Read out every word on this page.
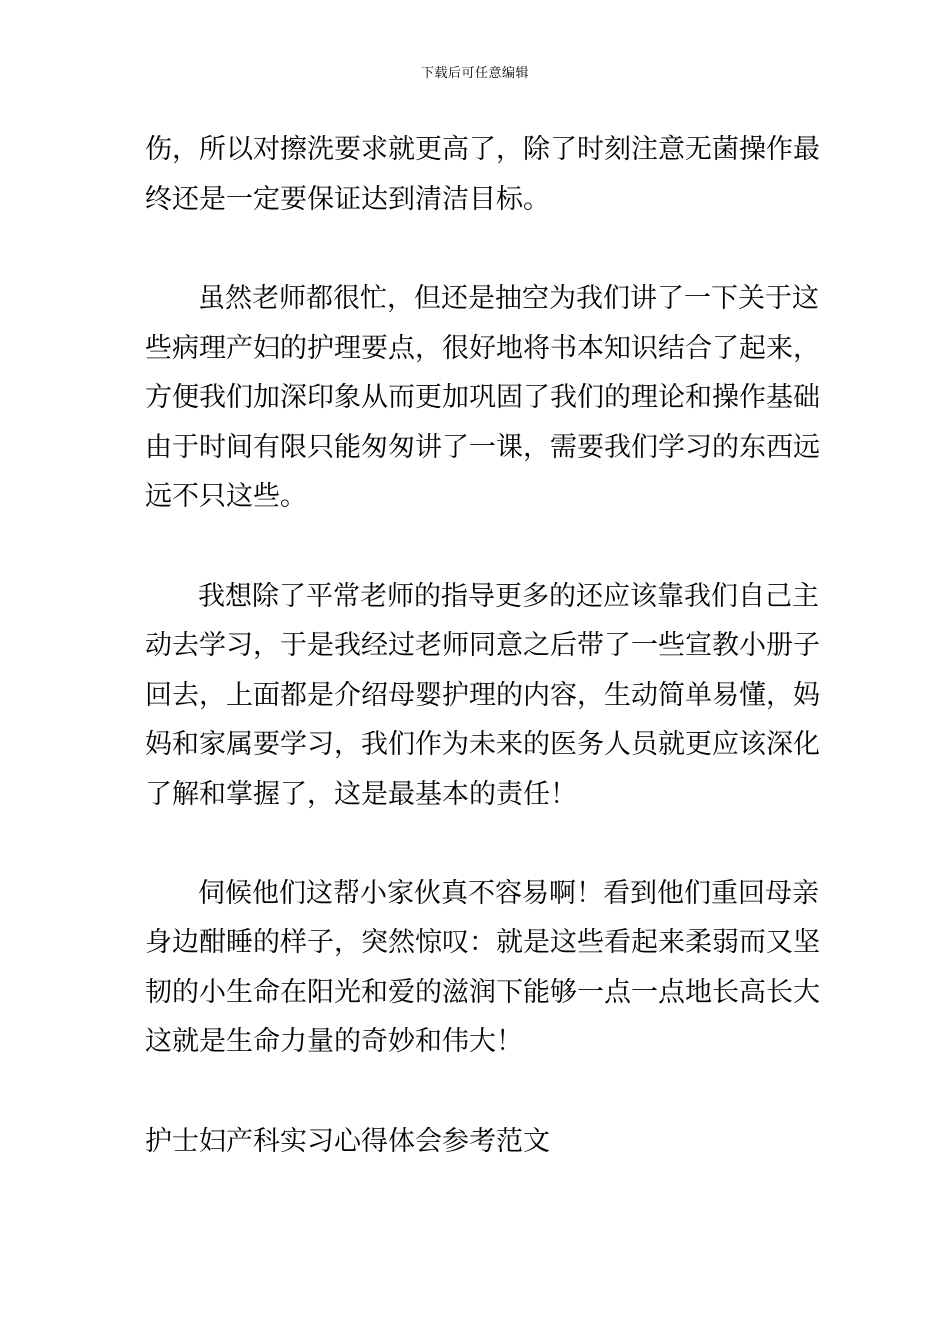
下载后可任意编辑
伤，所以对擦洗要求就更高了，除了时刻注意无菌操作最
终还是一定要保证达到清洁目标。
虽然老师都很忙，但还是抽空为我们讲了一下关于这
些病理产妇的护理要点，很好地将书本知识结合了起来，
方便我们加深印象从而更加巩固了我们的理论和操作基础
由于时间有限只能匆匆讲了一课，需要我们学习的东西远
远不只这些。
我想除了平常老师的指导更多的还应该靠我们自己主
动去学习，于是我经过老师同意之后带了一些宣教小册子
回去，上面都是介绍母婴护理的内容，生动简单易懂，妈
妈和家属要学习，我们作为未来的医务人员就更应该深化
了解和掌握了，这是最基本的责任！
伺候他们这帮小家伙真不容易啊！看到他们重回母亲
身边酣睡的样子，突然惊叹：就是这些看起来柔弱而又坚
韧的小生命在阳光和爱的滋润下能够一点一点地长高长大
这就是生命力量的奇妙和伟大！
护士妇产科实习心得体会参考范文
